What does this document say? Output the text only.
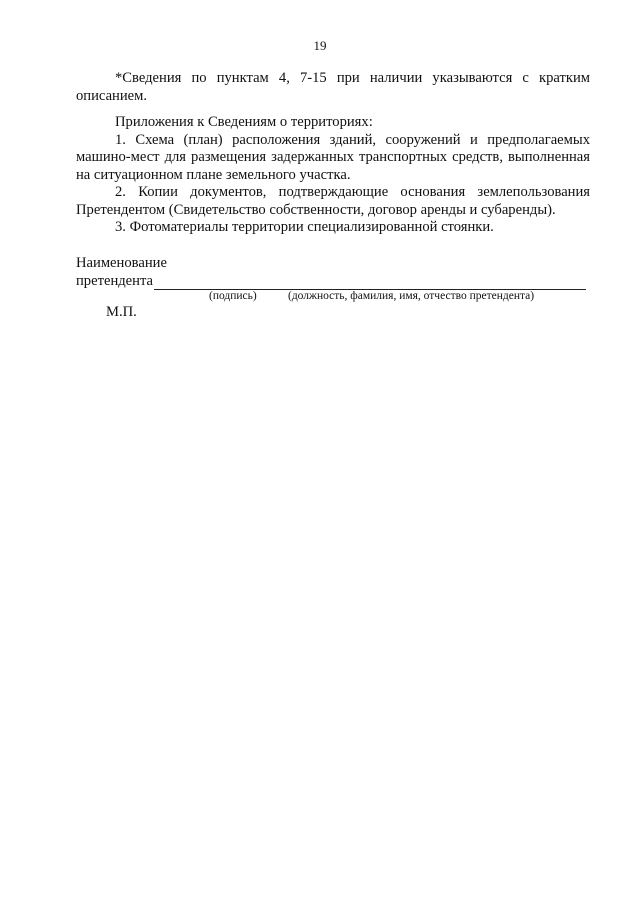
19

*Сведения по пунктам 4, 7-15 при наличии указываются с кратким описанием.

Приложения к Сведениям о территориях:

1. Схема (план) расположения зданий, сооружений и предполагаемых машино-мест для размещения задержанных транспортных средств, выполненная на ситуационном плане земельного участка.

2. Копии документов, подтверждающие основания землепользования Претендентом (Свидетельство собственности, договор аренды и субаренды).

3. Фотоматериалы территории специализированной стоянки.

Наименование
претендента
(подпись)	(должность, фамилия, имя, отчество претендента)
М.П.
